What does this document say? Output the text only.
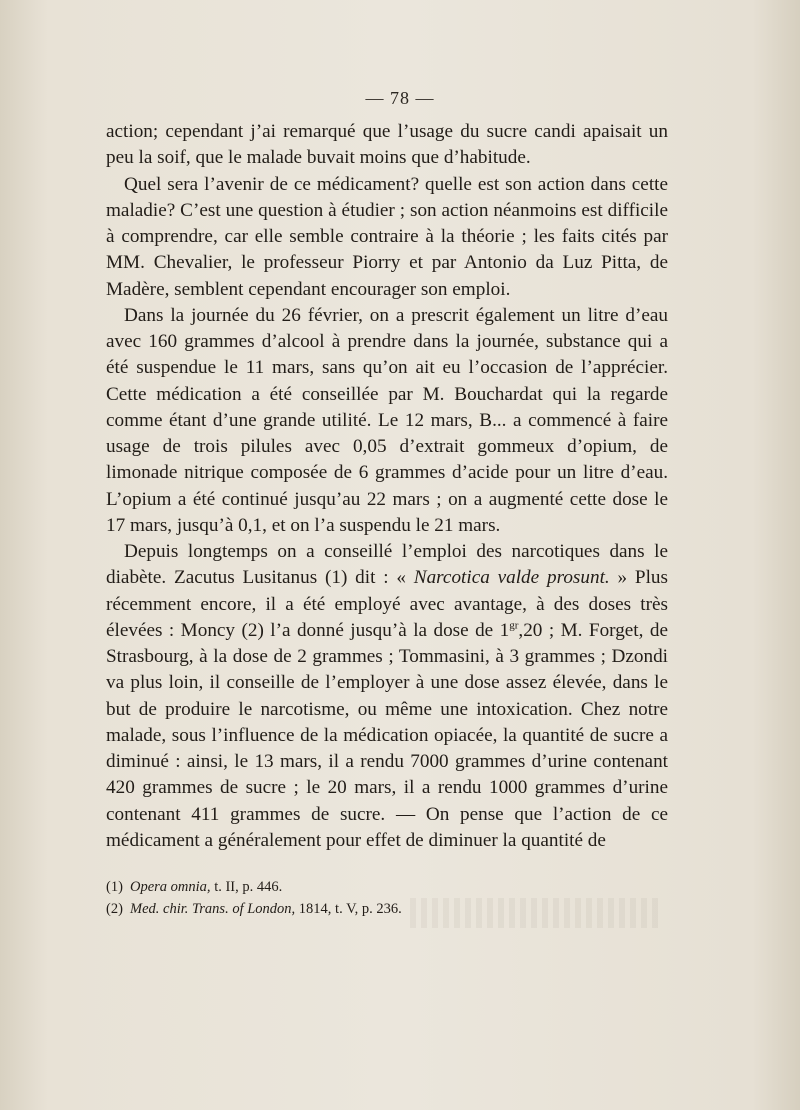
— 78 —

action; cependant j’ai remarqué que l’usage du sucre candi apaisait un peu la soif, que le malade buvait moins que d’habitude.

Quel sera l’avenir de ce médicament? quelle est son action dans cette maladie? C’est une question à étudier ; son action néanmoins est difficile à comprendre, car elle semble contraire à la théorie ; les faits cités par MM. Chevalier, le professeur Piorry et par Antonio da Luz Pitta, de Madère, semblent cependant encourager son emploi.

Dans la journée du 26 février, on a prescrit également un litre d’eau avec 160 grammes d’alcool à prendre dans la journée, substance qui a été suspendue le 11 mars, sans qu’on ait eu l’occasion de l’apprécier. Cette médication a été conseillée par M. Bouchardat qui la regarde comme étant d’une grande utilité. Le 12 mars, B... a commencé à faire usage de trois pilules avec 0,05 d’extrait gommeux d’opium, de limonade nitrique composée de 6 grammes d’acide pour un litre d’eau. L’opium a été continué jusqu’au 22 mars ; on a augmenté cette dose le 17 mars, jusqu’à 0,1, et on l’a suspendu le 21 mars.

Depuis longtemps on a conseillé l’emploi des narcotiques dans le diabète. Zacutus Lusitanus (1) dit : « Narcotica valde prosunt. » Plus récemment encore, il a été employé avec avantage, à des doses très élevées : Moncy (2) l’a donné jusqu’à la dose de $1^{gr},20$ ; M. Forget, de Strasbourg, à la dose de 2 grammes ; Tommasini, à 3 grammes ; Dzondi va plus loin, il conseille de l’employer à une dose assez élevée, dans le but de produire le narcotisme, ou même une intoxication. Chez notre malade, sous l’influence de la médication opiacée, la quantité de sucre a diminué : ainsi, le 13 mars, il a rendu 7000 grammes d’urine contenant 420 grammes de sucre ; le 20 mars, il a rendu 1000 grammes d’urine contenant 411 grammes de sucre. — On pense que l’action de ce médicament a généralement pour effet de diminuer la quantité de

(1) Opera omnia, t. II, p. 446.
(2) Med. chir. Trans. of London, 1814, t. V, p. 236.
